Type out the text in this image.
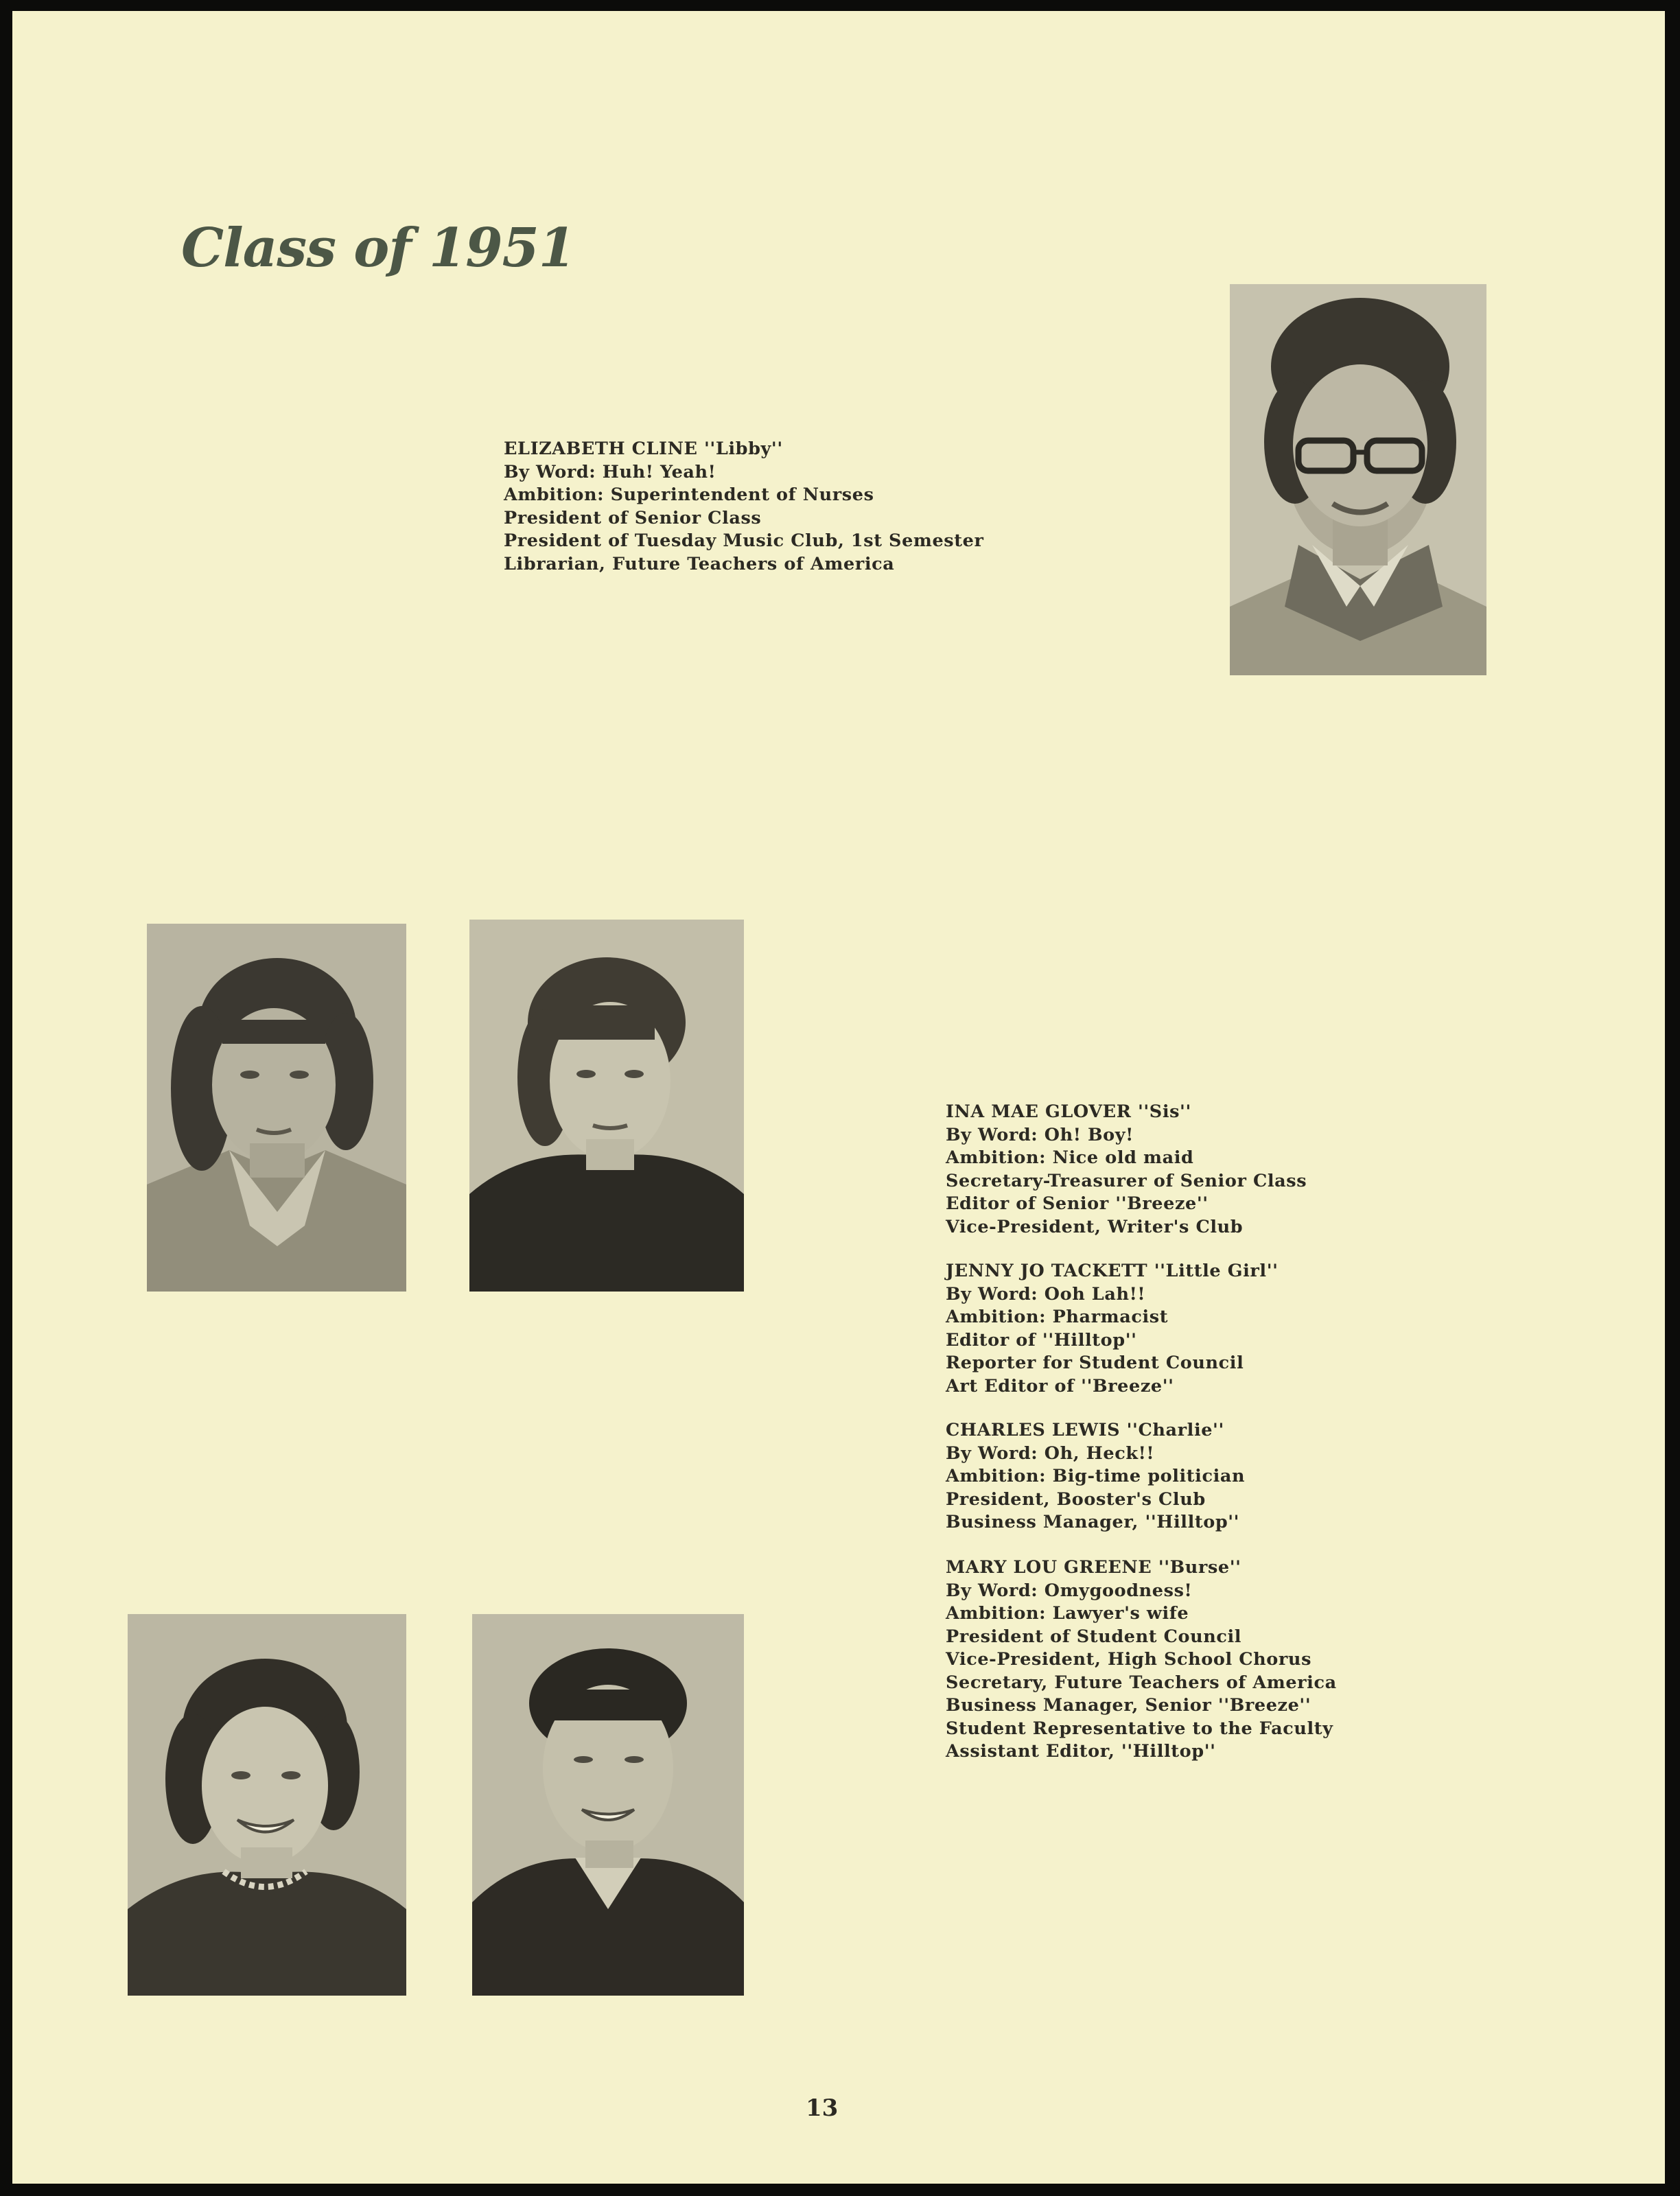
Class of 1951
ELIZABETH CLINE ''Libby''
By Word: Huh! Yeah!
Ambition: Superintendent of Nurses
President of Senior Class
President of Tuesday Music Club, 1st Semester
Librarian, Future Teachers of America
INA MAE GLOVER ''Sis''
By Word: Oh! Boy!
Ambition: Nice old maid
Secretary-Treasurer of Senior Class
Editor of Senior ''Breeze''
Vice-President, Writer's Club
JENNY JO TACKETT ''Little Girl''
By Word: Ooh Lah!!
Ambition: Pharmacist
Editor of ''Hilltop''
Reporter for Student Council
Art Editor of ''Breeze''
CHARLES LEWIS ''Charlie''
By Word: Oh, Heck!!
Ambition: Big-time politician
President, Booster's Club
Business Manager, ''Hilltop''
MARY LOU GREENE ''Burse''
By Word: Omygoodness!
Ambition: Lawyer's wife
President of Student Council
Vice-President, High School Chorus
Secretary, Future Teachers of America
Business Manager, Senior ''Breeze''
Student Representative to the Faculty
Assistant Editor, ''Hilltop''
13
